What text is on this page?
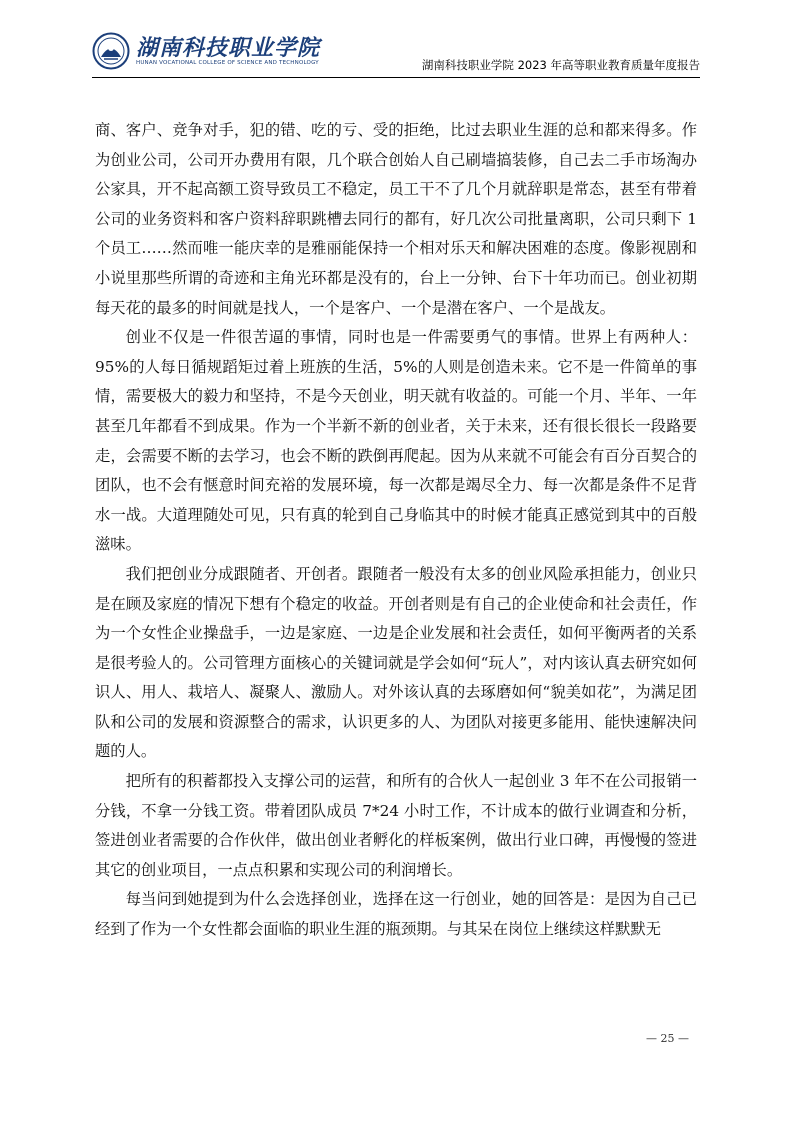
湖南科技职业学院
HUNAN VOCATIONAL COLLEGE OF SCIENCE AND TECHNOLOGY	湖南科技职业学院 2023 年高等职业教育质量年度报告

商、客户、竞争对手，犯的错、吃的亏、受的拒绝，比过去职业生涯的总和都来得多。作为创业公司，公司开办费用有限，几个联合创始人自己刷墙搞装修，自己去二手市场淘办公家具，开不起高额工资导致员工不稳定，员工干不了几个月就辞职是常态，甚至有带着公司的业务资料和客户资料辞职跳槽去同行的都有，好几次公司批量离职，公司只剩下 1 个员工……然而唯一能庆幸的是雅丽能保持一个相对乐天和解决困难的态度。像影视剧和小说里那些所谓的奇迹和主角光环都是没有的，台上一分钟、台下十年功而已。创业初期每天花的最多的时间就是找人，一个是客户、一个是潜在客户、一个是战友。

创业不仅是一件很苦逼的事情，同时也是一件需要勇气的事情。世界上有两种人：95%的人每日循规蹈矩过着上班族的生活，5%的人则是创造未来。它不是一件简单的事情，需要极大的毅力和坚持，不是今天创业，明天就有收益的。可能一个月、半年、一年甚至几年都看不到成果。作为一个半新不新的创业者，关于未来，还有很长很长一段路要走，会需要不断的去学习，也会不断的跌倒再爬起。因为从来就不可能会有百分百契合的团队，也不会有惬意时间充裕的发展环境，每一次都是竭尽全力、每一次都是条件不足背水一战。大道理随处可见，只有真的轮到自己身临其中的时候才能真正感觉到其中的百般滋味。

我们把创业分成跟随者、开创者。跟随者一般没有太多的创业风险承担能力，创业只是在顾及家庭的情况下想有个稳定的收益。开创者则是有自己的企业使命和社会责任，作为一个女性企业操盘手，一边是家庭、一边是企业发展和社会责任，如何平衡两者的关系是很考验人的。公司管理方面核心的关键词就是学会如何“玩人”，对内该认真去研究如何识人、用人、栽培人、凝聚人、激励人。对外该认真的去琢磨如何“貌美如花”，为满足团队和公司的发展和资源整合的需求，认识更多的人、为团队对接更多能用、能快速解决问题的人。

把所有的积蓄都投入支撑公司的运营，和所有的合伙人一起创业 3 年不在公司报销一分钱，不拿一分钱工资。带着团队成员 7*24 小时工作，不计成本的做行业调查和分析，签进创业者需要的合作伙伴，做出创业者孵化的样板案例，做出行业口碑，再慢慢的签进其它的创业项目，一点点积累和实现公司的利润增长。

每当问到她提到为什么会选择创业，选择在这一行创业，她的回答是：是因为自己已经到了作为一个女性都会面临的职业生涯的瓶颈期。与其呆在岗位上继续这样默默无

— 25 —
